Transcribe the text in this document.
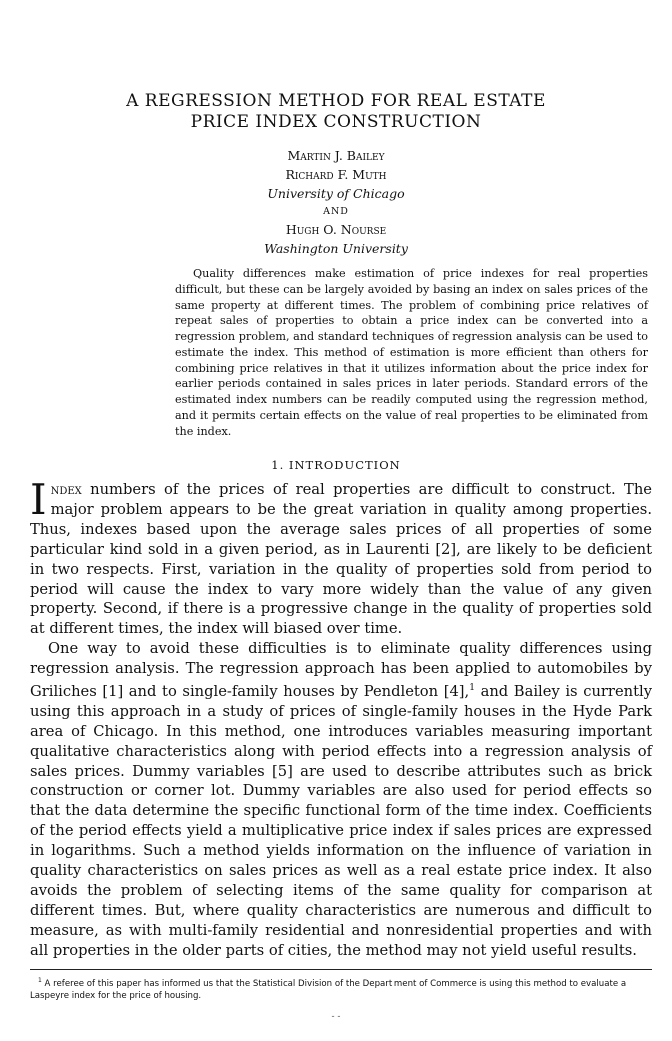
A REGRESSION METHOD FOR REAL ESTATE
PRICE INDEX CONSTRUCTION
Martin J. Bailey
Richard F. Muth
University of Chicago
AND
Hugh O. Nourse
Washington University

Quality differences make estimation of price indexes for real properties difficult, but these can be largely avoided by basing an index on sales prices of the same property at different times. The problem of combining price relatives of repeat sales of properties to obtain a price index can be converted into a regression problem, and standard techniques of regression analysis can be used to estimate the index. This method of estimation is more efficient than others for combining price relatives in that it utilizes information about the price index for earlier periods contained in sales prices in later periods. Standard errors of the estimated index numbers can be readily computed using the regression method, and it permits certain effects on the value of real properties to be eliminated from the index.

1. INTRODUCTION

Index numbers of the prices of real properties are difficult to construct. The major problem appears to be the great variation in quality among properties. Thus, indexes based upon the average sales prices of all properties of some particular kind sold in a given period, as in Laurenti [2], are likely to be deficient in two respects. First, variation in the quality of properties sold from period to period will cause the index to vary more widely than the value of any given property. Second, if there is a progressive change in the quality of properties sold at different times, the index will biased over time.

One way to avoid these difficulties is to eliminate quality differences using regression analysis. The regression approach has been applied to automobiles by Griliches [1] and to single-family houses by Pendleton [4],$^1$ and Bailey is currently using this approach in a study of prices of single-family houses in the Hyde Park area of Chicago. In this method, one introduces variables measuring important qualitative characteristics along with period effects into a regression analysis of sales prices. Dummy variables [5] are used to describe attributes such as brick construction or corner lot. Dummy variables are also used for period effects so that the data determine the specific functional form of the time index. Coefficients of the period effects yield a multiplicative price index if sales prices are expressed in logarithms. Such a method yields information on the influence of variation in quality characteristics on sales prices as well as a real estate price index. It also avoids the problem of selecting items of the same quality for comparison at different times. But, where quality characteristics are numerous and difficult to measure, as with multi-family residential and nonresidential properties and with all properties in the older parts of cities, the method may not yield useful results.

$^1$ A referee of this paper has informed us that the Statistical Division of the Depart ment of Commerce is using this method to evaluate a Laspeyre index for the price of housing.

- -
